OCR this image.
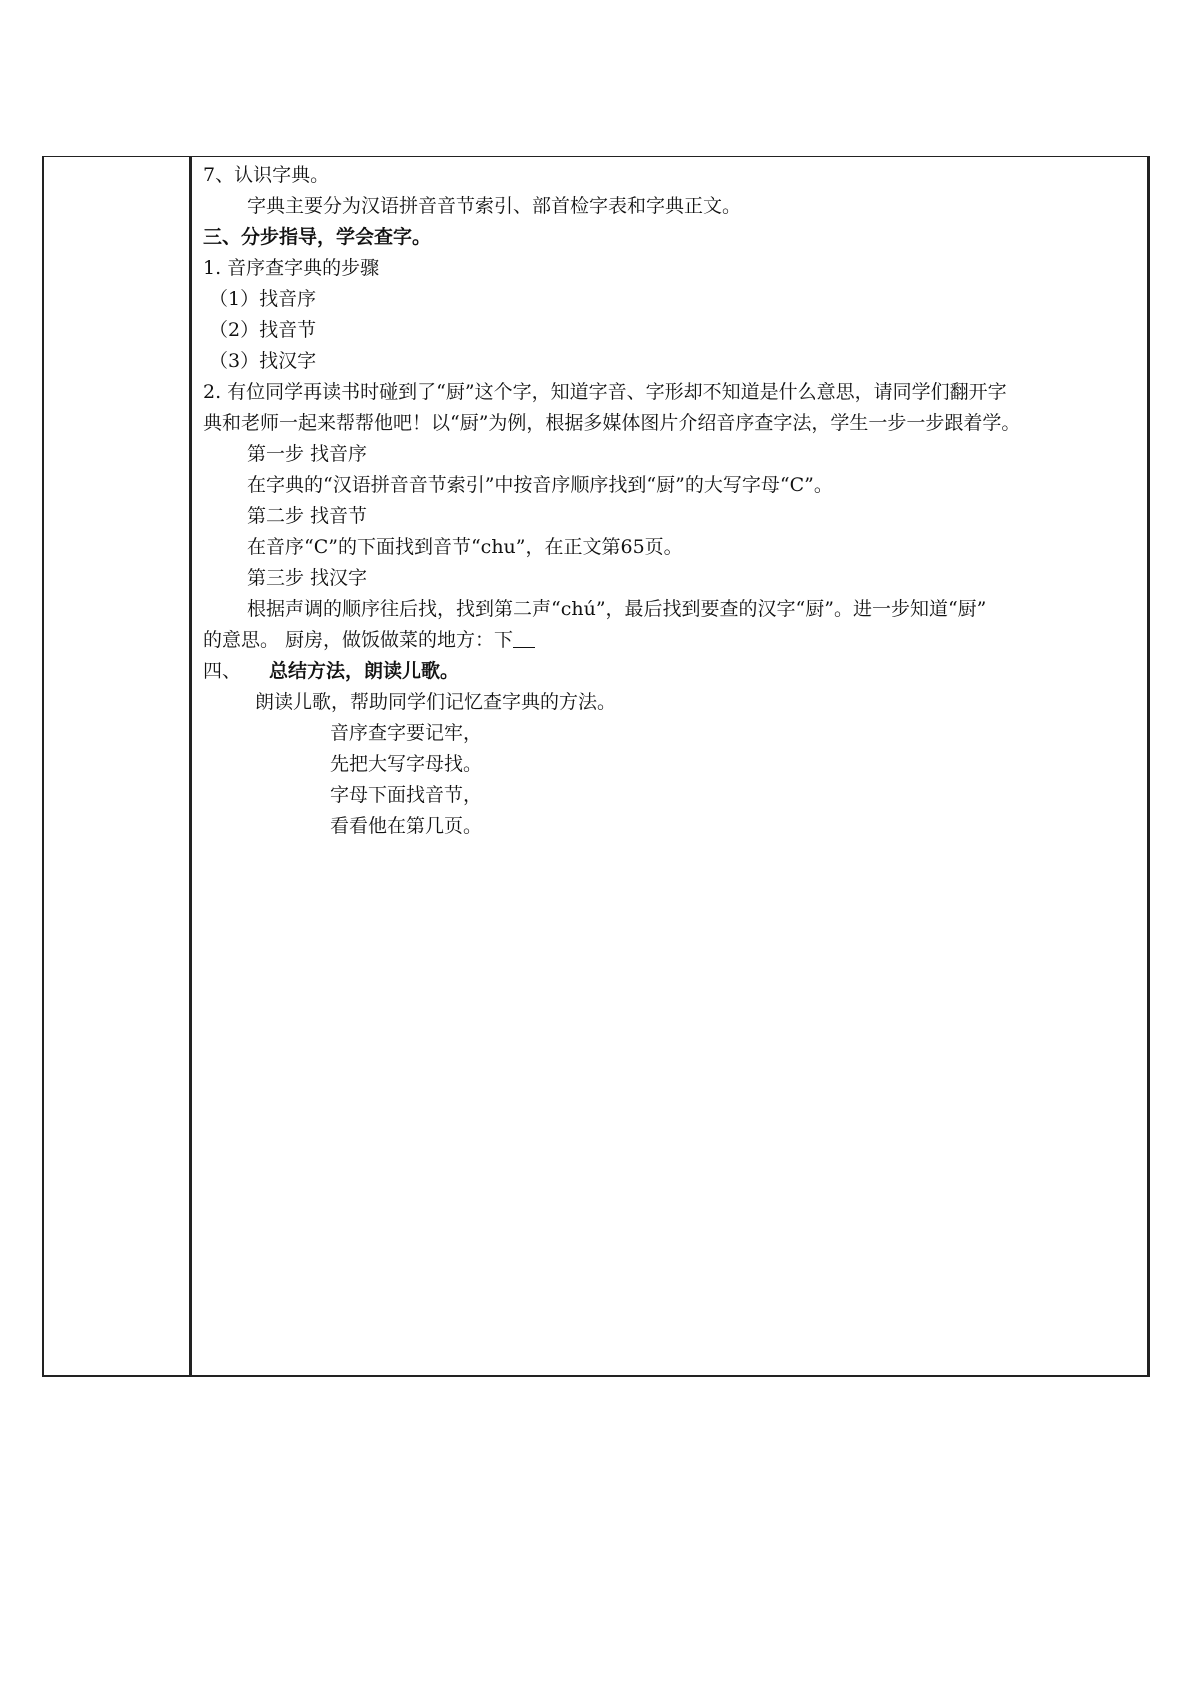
7、认识字典。
字典主要分为汉语拼音音节索引、部首检字表和字典正文。
三、分步指导，学会查字。
1. 音序查字典的步骤
（1）找音序
（2）找音节
（3）找汉字
2. 有位同学再读书时碰到了“厨”这个字，知道字音、字形却不知道是什么意思，请同学们翻开字
典和老师一起来帮帮他吧！以“厨”为例，根据多媒体图片介绍音序查字法，学生一步一步跟着学。
第一步 找音序
在字典的“汉语拼音音节索引”中按音序顺序找到“厨”的大写字母“C”。
第二步 找音节
在音序“C”的下面找到音节“chu”，在正文第65页。
第三步 找汉字
根据声调的顺序往后找，找到第二声“chú”，最后找到要查的汉字“厨”。进一步知道“厨”
的意思。 厨房，做饭做菜的地方：下
四、 总结方法，朗读儿歌。
朗读儿歌，帮助同学们记忆查字典的方法。
音序查字要记牢，
先把大写字母找。
字母下面找音节，
看看他在第几页。
